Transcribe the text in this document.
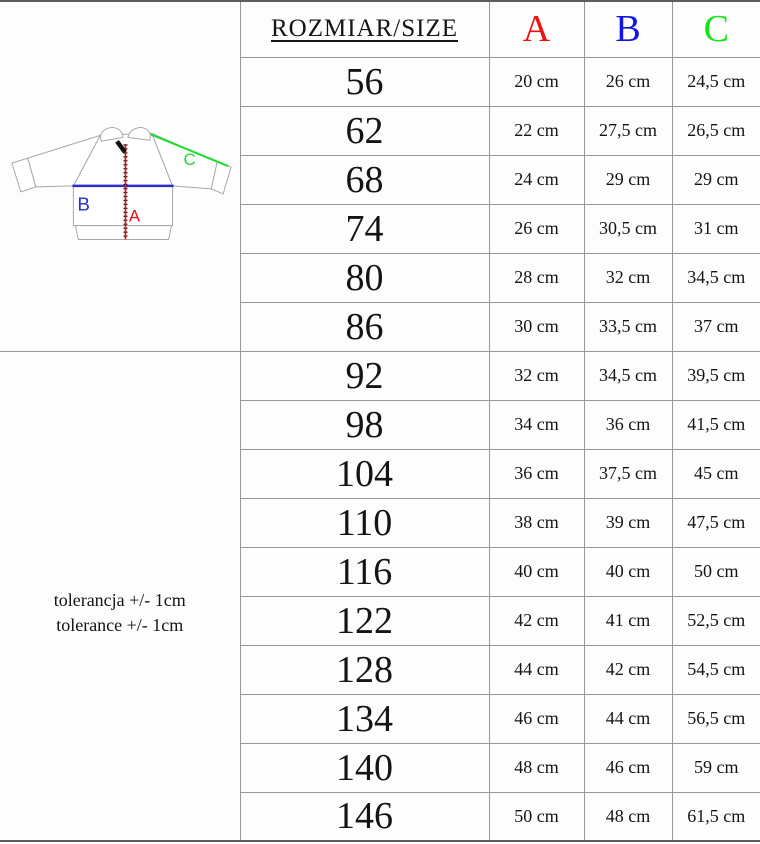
B
A
C	ROZMIAR/SIZE	A	B	C
	56	20 cm	26 cm	24,5 cm
	62	22 cm	27,5 cm	26,5 cm
	68	24 cm	29 cm	29 cm
	74	26 cm	30,5 cm	31 cm
	80	28 cm	32 cm	34,5 cm
	86	30 cm	33,5 cm	37 cm

tolerancja +/- 1cm
tolerance +/- 1cm	92	32 cm	34,5 cm	39,5 cm
	98	34 cm	36 cm	41,5 cm
	104	36 cm	37,5 cm	45 cm
	110	38 cm	39 cm	47,5 cm
	116	40 cm	40 cm	50 cm
	122	42 cm	41 cm	52,5 cm
	128	44 cm	42 cm	54,5 cm
	134	46 cm	44 cm	56,5 cm
	140	48 cm	46 cm	59 cm
	146	50 cm	48 cm	61,5 cm
